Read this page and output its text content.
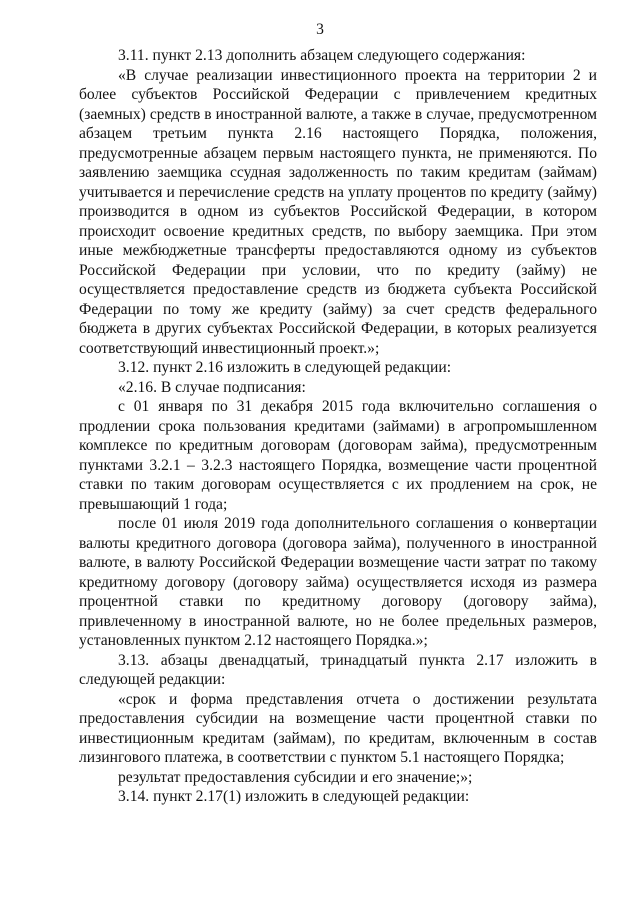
3

3.11. пункт 2.13 дополнить абзацем следующего содержания:

«В случае реализации инвестиционного проекта на территории 2 и более субъектов Российской Федерации с привлечением кредитных (заемных) средств в иностранной валюте, а также в случае, предусмотренном абзацем третьим пункта 2.16 настоящего Порядка, положения, предусмотренные абзацем первым настоящего пункта, не применяются. По заявлению заемщика ссудная задолженность по таким кредитам (займам) учитывается и перечисление средств на уплату процентов по кредиту (займу) производится в одном из субъектов Российской Федерации, в котором происходит освоение кредитных средств, по выбору заемщика. При этом иные межбюджетные трансферты предоставляются одному из субъектов Российской Федерации при условии, что по кредиту (займу) не осуществляется предоставление средств из бюджета субъекта Российской Федерации по тому же кредиту (займу) за счет средств федерального бюджета в других субъектах Российской Федерации, в которых реализуется соответствующий инвестиционный проект.»;

3.12. пункт 2.16 изложить в следующей редакции:

«2.16. В случае подписания:

с 01 января по 31 декабря 2015 года включительно соглашения о продлении срока пользования кредитами (займами) в агропромышленном комплексе по кредитным договорам (договорам займа), предусмотренным пунктами 3.2.1 – 3.2.3 настоящего Порядка, возмещение части процентной ставки по таким договорам осуществляется с их продлением на срок, не превышающий 1 года;

после 01 июля 2019 года дополнительного соглашения о конвертации валюты кредитного договора (договора займа), полученного в иностранной валюте, в валюту Российской Федерации возмещение части затрат по такому кредитному договору (договору займа) осуществляется исходя из размера процентной ставки по кредитному договору (договору займа), привлеченному в иностранной валюте, но не более предельных размеров, установленных пунктом 2.12 настоящего Порядка.»;

3.13. абзацы двенадцатый, тринадцатый пункта 2.17 изложить в следующей редакции:

«срок и форма представления отчета о достижении результата предоставления субсидии на возмещение части процентной ставки по инвестиционным кредитам (займам), по кредитам, включенным в состав лизингового платежа, в соответствии с пунктом 5.1 настоящего Порядка;

результат предоставления субсидии и его значение;»;

3.14. пункт 2.17(1) изложить в следующей редакции:
